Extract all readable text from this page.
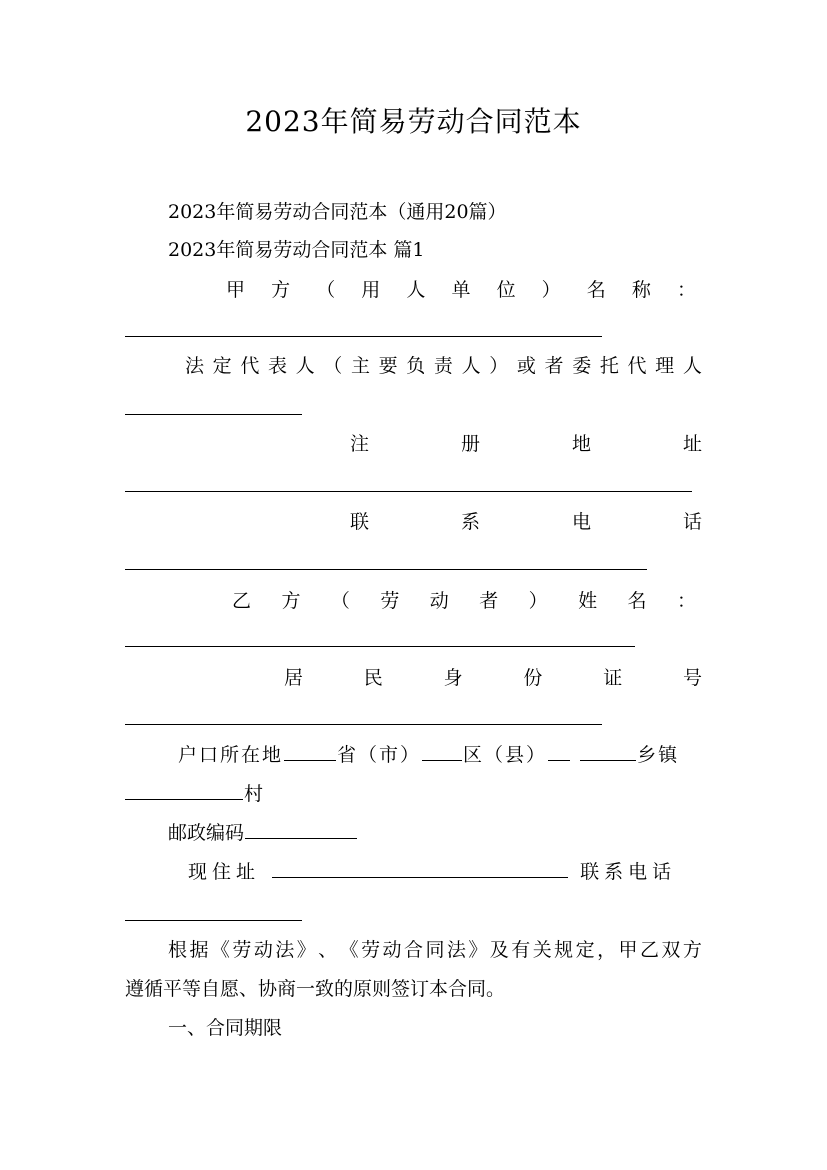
2023年简易劳动合同范本
2023年简易劳动合同范本（通用20篇）
2023年简易劳动合同范本 篇1
甲 方 （ 用 人 单 位 ） 名 称 ：
法 定 代 表 人 （ 主 要 负 责 人 ） 或 者 委 托 代 理 人
注	册	地	址
联	系	电	话
乙 方 （ 劳 动 者 ） 姓 名 ：
居	民	身	份	证	号
户口所在地	省（市） 区（县）	乡镇
村
邮政编码
现住址	联系电话
根 据 《 劳 动 法 》 、 《 劳 动 合 同 法 》 及 有 关 规 定 ， 甲 乙 双 方
遵循平等自愿、协商一致的原则签订本合同。
一、合同期限
